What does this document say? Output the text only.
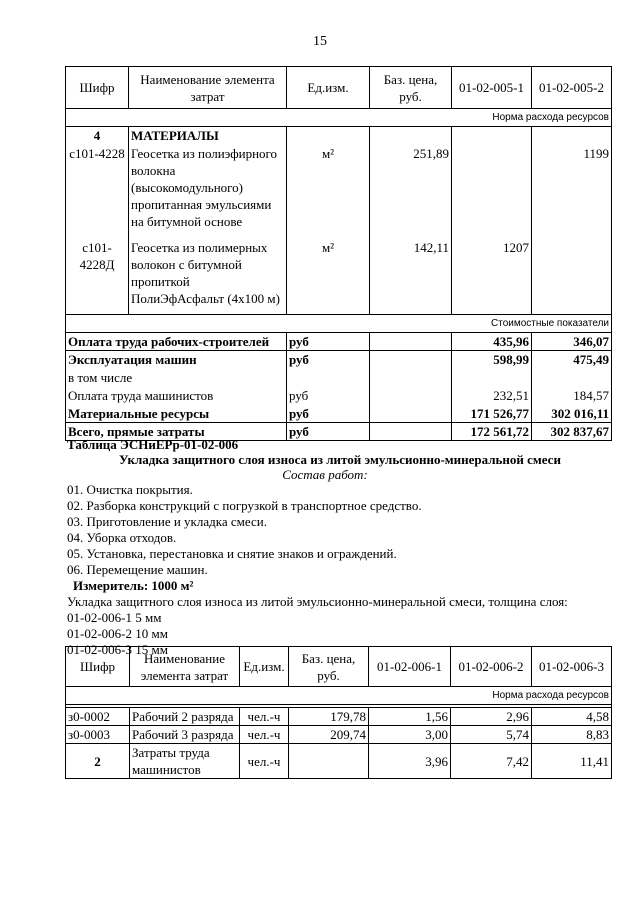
15
Шифр	Наименование элемента затрат	Ед.изм.	Баз. цена, руб.	01-02-005-1	01-02-005-2
Норма расхода ресурсов					
4	МАТЕРИАЛЫ				
с101-4228	Геосетка из полиэфирного волокна (высокомодульного) пропитанная эмульсиями на битумной основе	м²	251,89		1199
с101-4228Д	Геосетка из полимерных волокон с битумной пропиткой ПолиЭфАсфальт (4х100 м)	м²	142,11	1207	
Стоимостные показатели					
Оплата труда рабочих-строителей		руб		435,96	346,07
Эксплуатация машин		руб		598,99	475,49
в том числе					
Оплата труда машинистов		руб		232,51	184,57
Материальные ресурсы		руб		171 526,77	302 016,11
Всего, прямые затраты		руб		172 561,72	302 837,67
Таблица ЭСНиЕРр-01-02-006
Укладка защитного слоя износа из литой эмульсионно-минеральной смеси
Состав работ:
01. Очистка покрытия.
02. Разборка конструкций с погрузкой в транспортное средство.
03. Приготовление и укладка смеси.
04. Уборка отходов.
05. Установка, перестановка и снятие знаков и ограждений.
06. Перемещение машин.
Измеритель: 1000 м²
Укладка защитного слоя износа из литой эмульсионно-минеральной смеси, толщина слоя:
01-02-006-1 5 мм
01-02-006-2 10 мм
01-02-006-3 15 мм
Шифр	Наименование элемента затрат	Ед.изм.	Баз. цена, руб.	01-02-006-1	01-02-006-2	01-02-006-3
Норма расхода ресурсов						

з0-0002	Рабочий 2 разряда	чел.-ч	179,78	1,56	2,96	4,58
з0-0003	Рабочий 3 разряда	чел.-ч	209,74	3,00	5,74	8,83
2	Затраты труда машинистов	чел.-ч		3,96	7,42	11,41
